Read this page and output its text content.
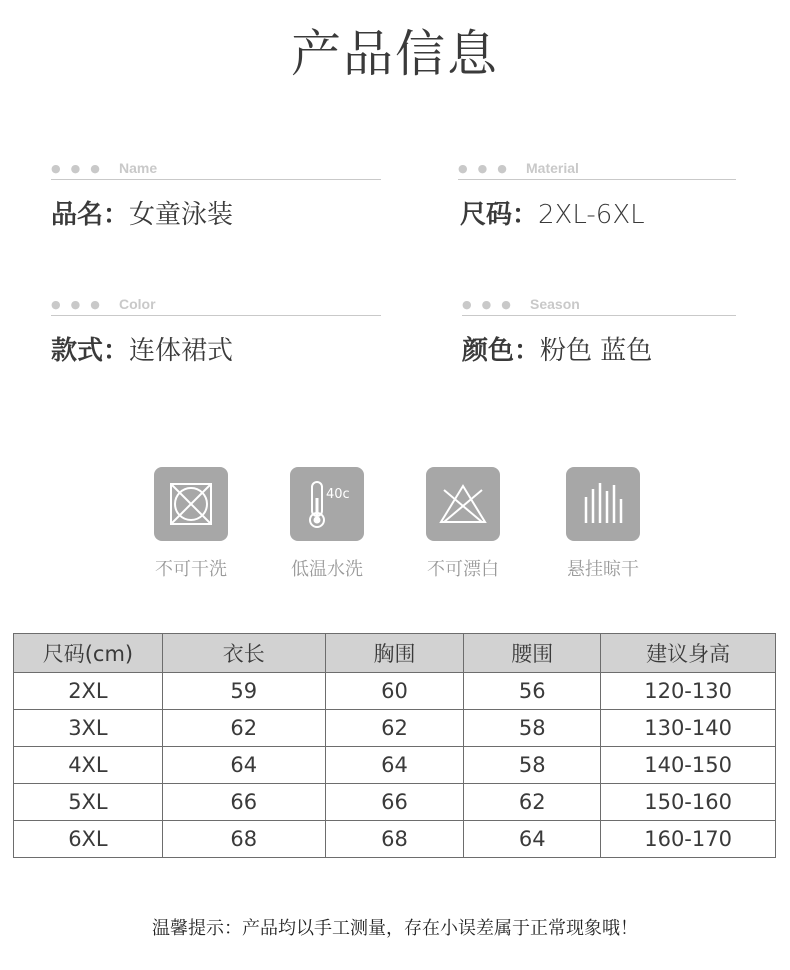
产品信息
●●● Name
品名：女童泳装
●●● Material
尺码：2XL-6XL
●●● Color
款式：连体裙式
●●● Season
颜色：粉色 蓝色
不可干洗
40c
低温水洗	不可漂白	悬挂晾干
尺码(cm)	衣长	胸围	腰围	建议身高
2XL	59	60	56	120-130
3XL	62	62	58	130-140
4XL	64	64	58	140-150
5XL	66	66	62	150-160
6XL	68	68	64	160-170
温馨提示：产品均以手工测量，存在小误差属于正常现象哦！
